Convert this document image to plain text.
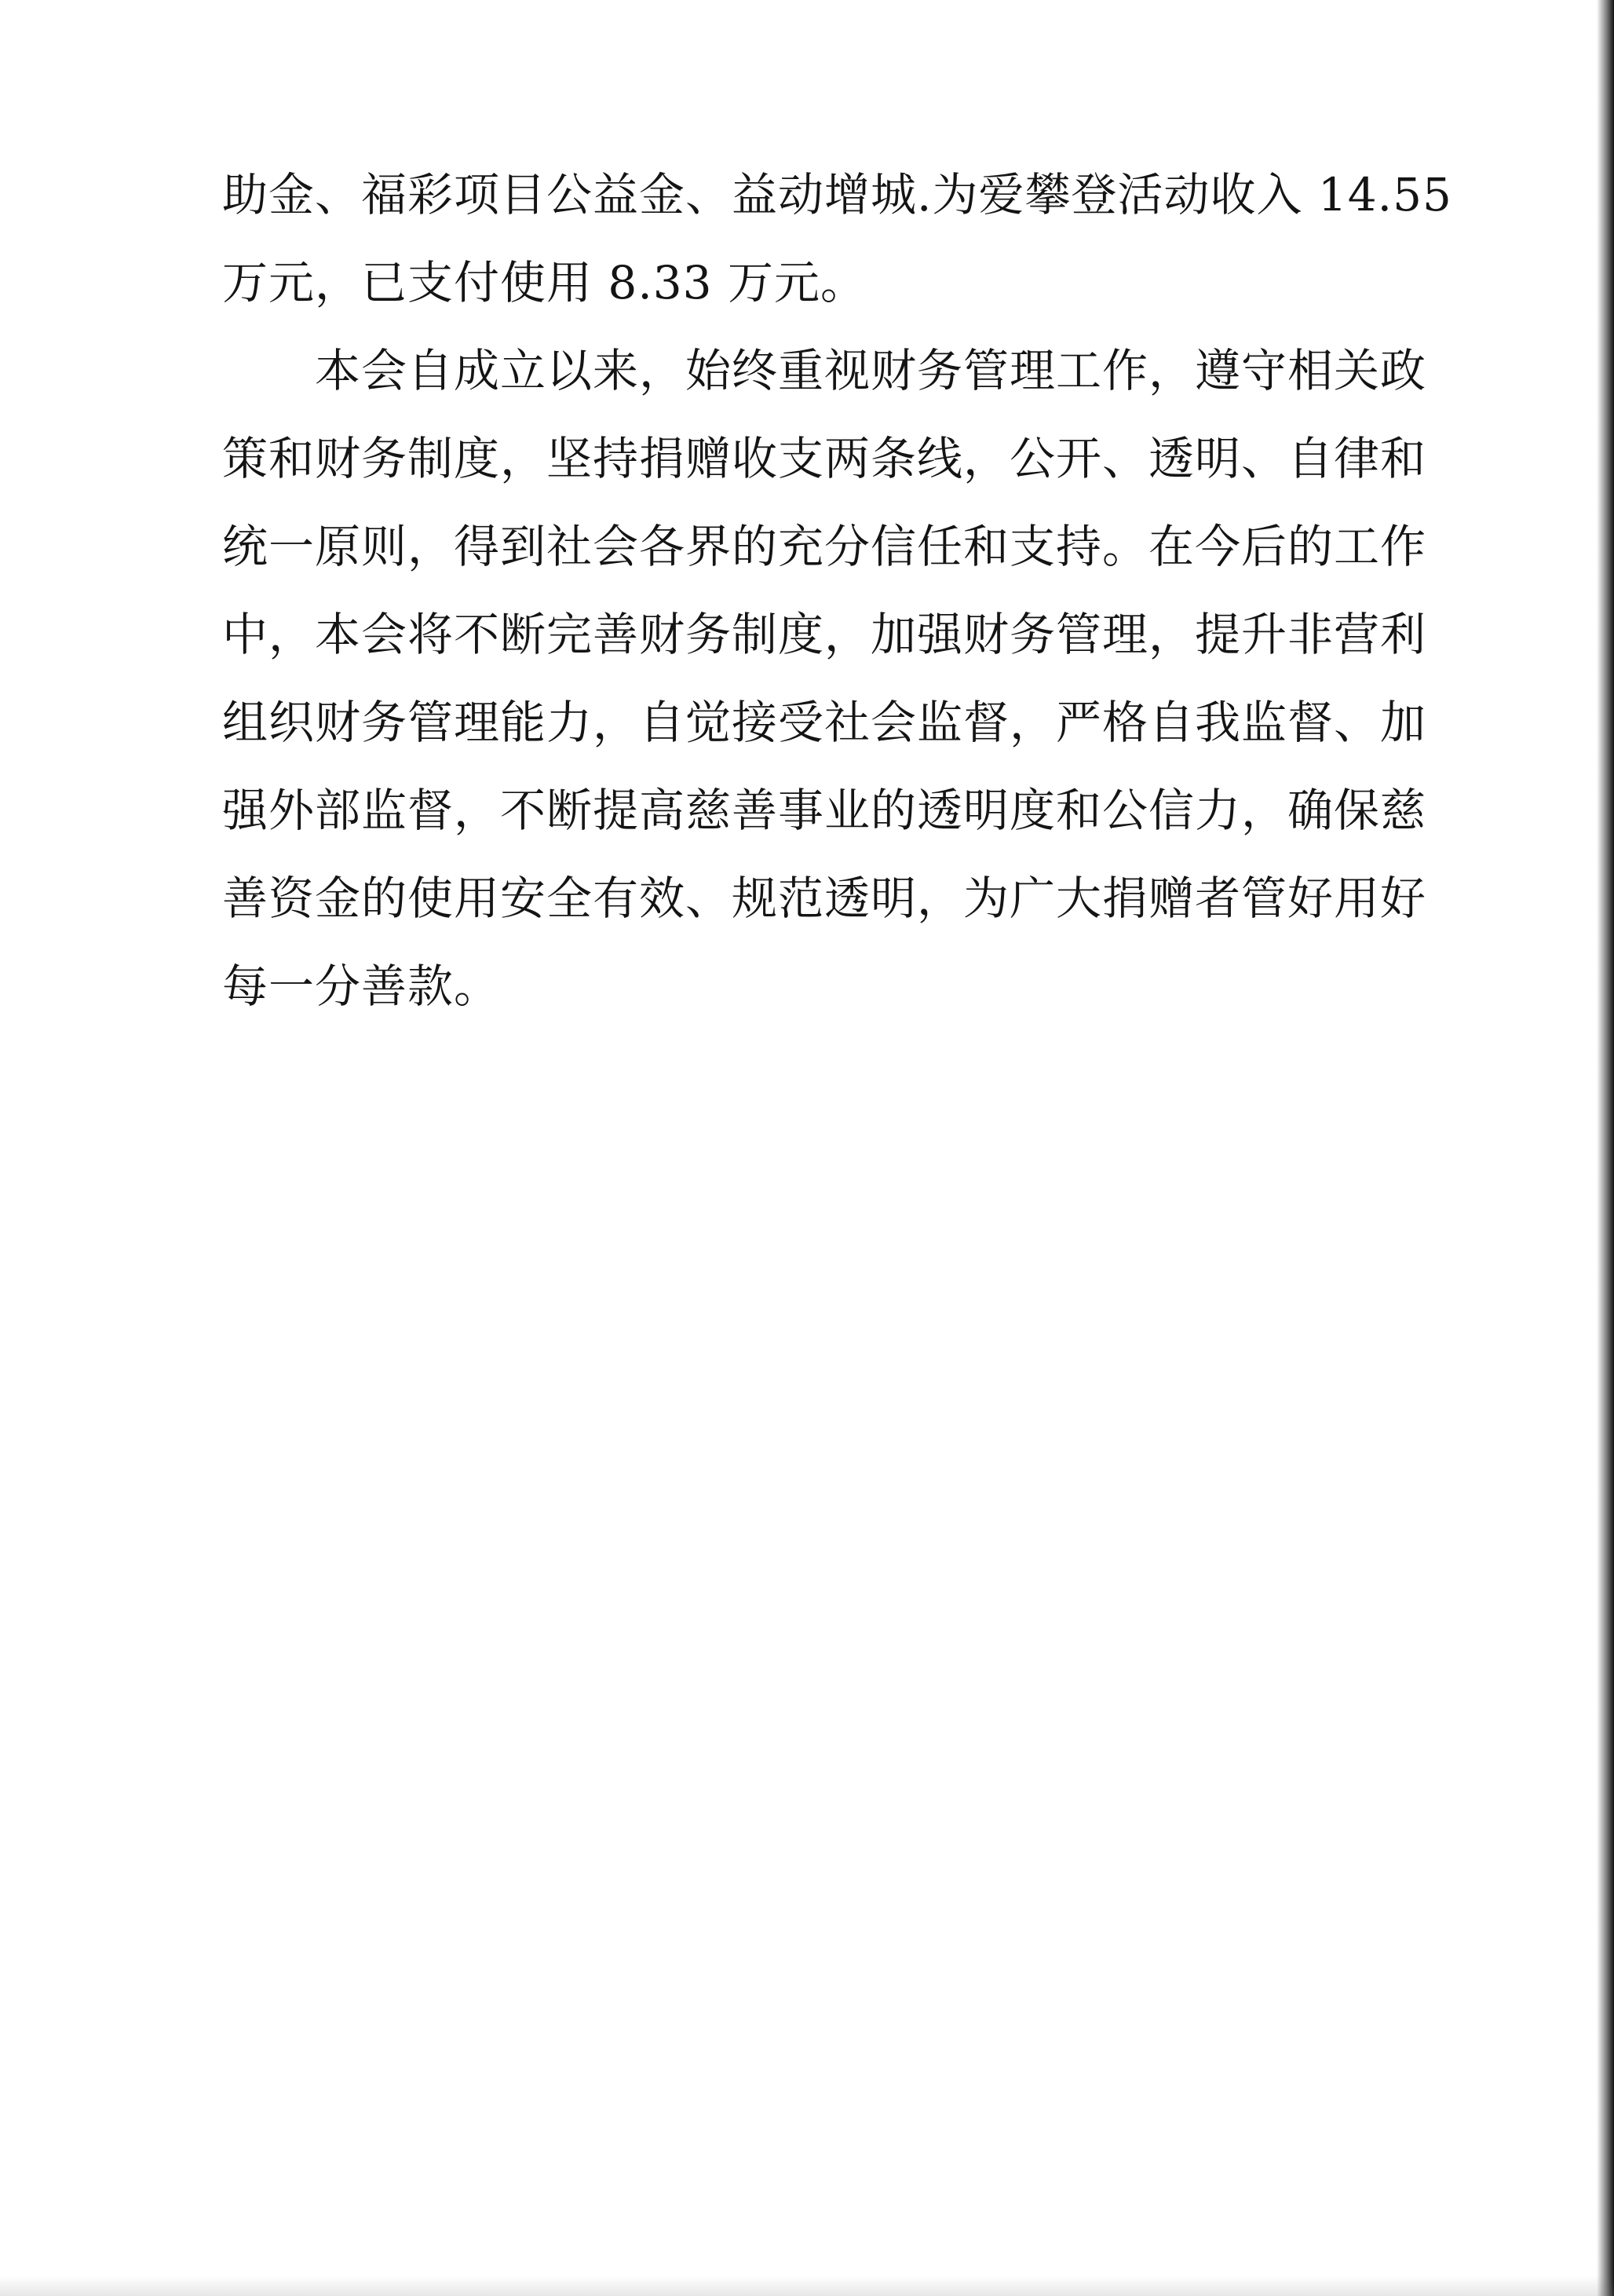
助金、福彩项目公益金、益动增城.为爱攀登活动收入 14.55
万元，已支付使用 8.33 万元。
　　本会自成立以来，始终重视财务管理工作，遵守相关政
策和财务制度，坚持捐赠收支两条线，公开、透明、自律和
统一原则，得到社会各界的充分信任和支持。在今后的工作
中，本会将不断完善财务制度，加强财务管理，提升非营利
组织财务管理能力，自觉接受社会监督，严格自我监督、加
强外部监督，不断提高慈善事业的透明度和公信力，确保慈
善资金的使用安全有效、规范透明，为广大捐赠者管好用好
每一分善款。
